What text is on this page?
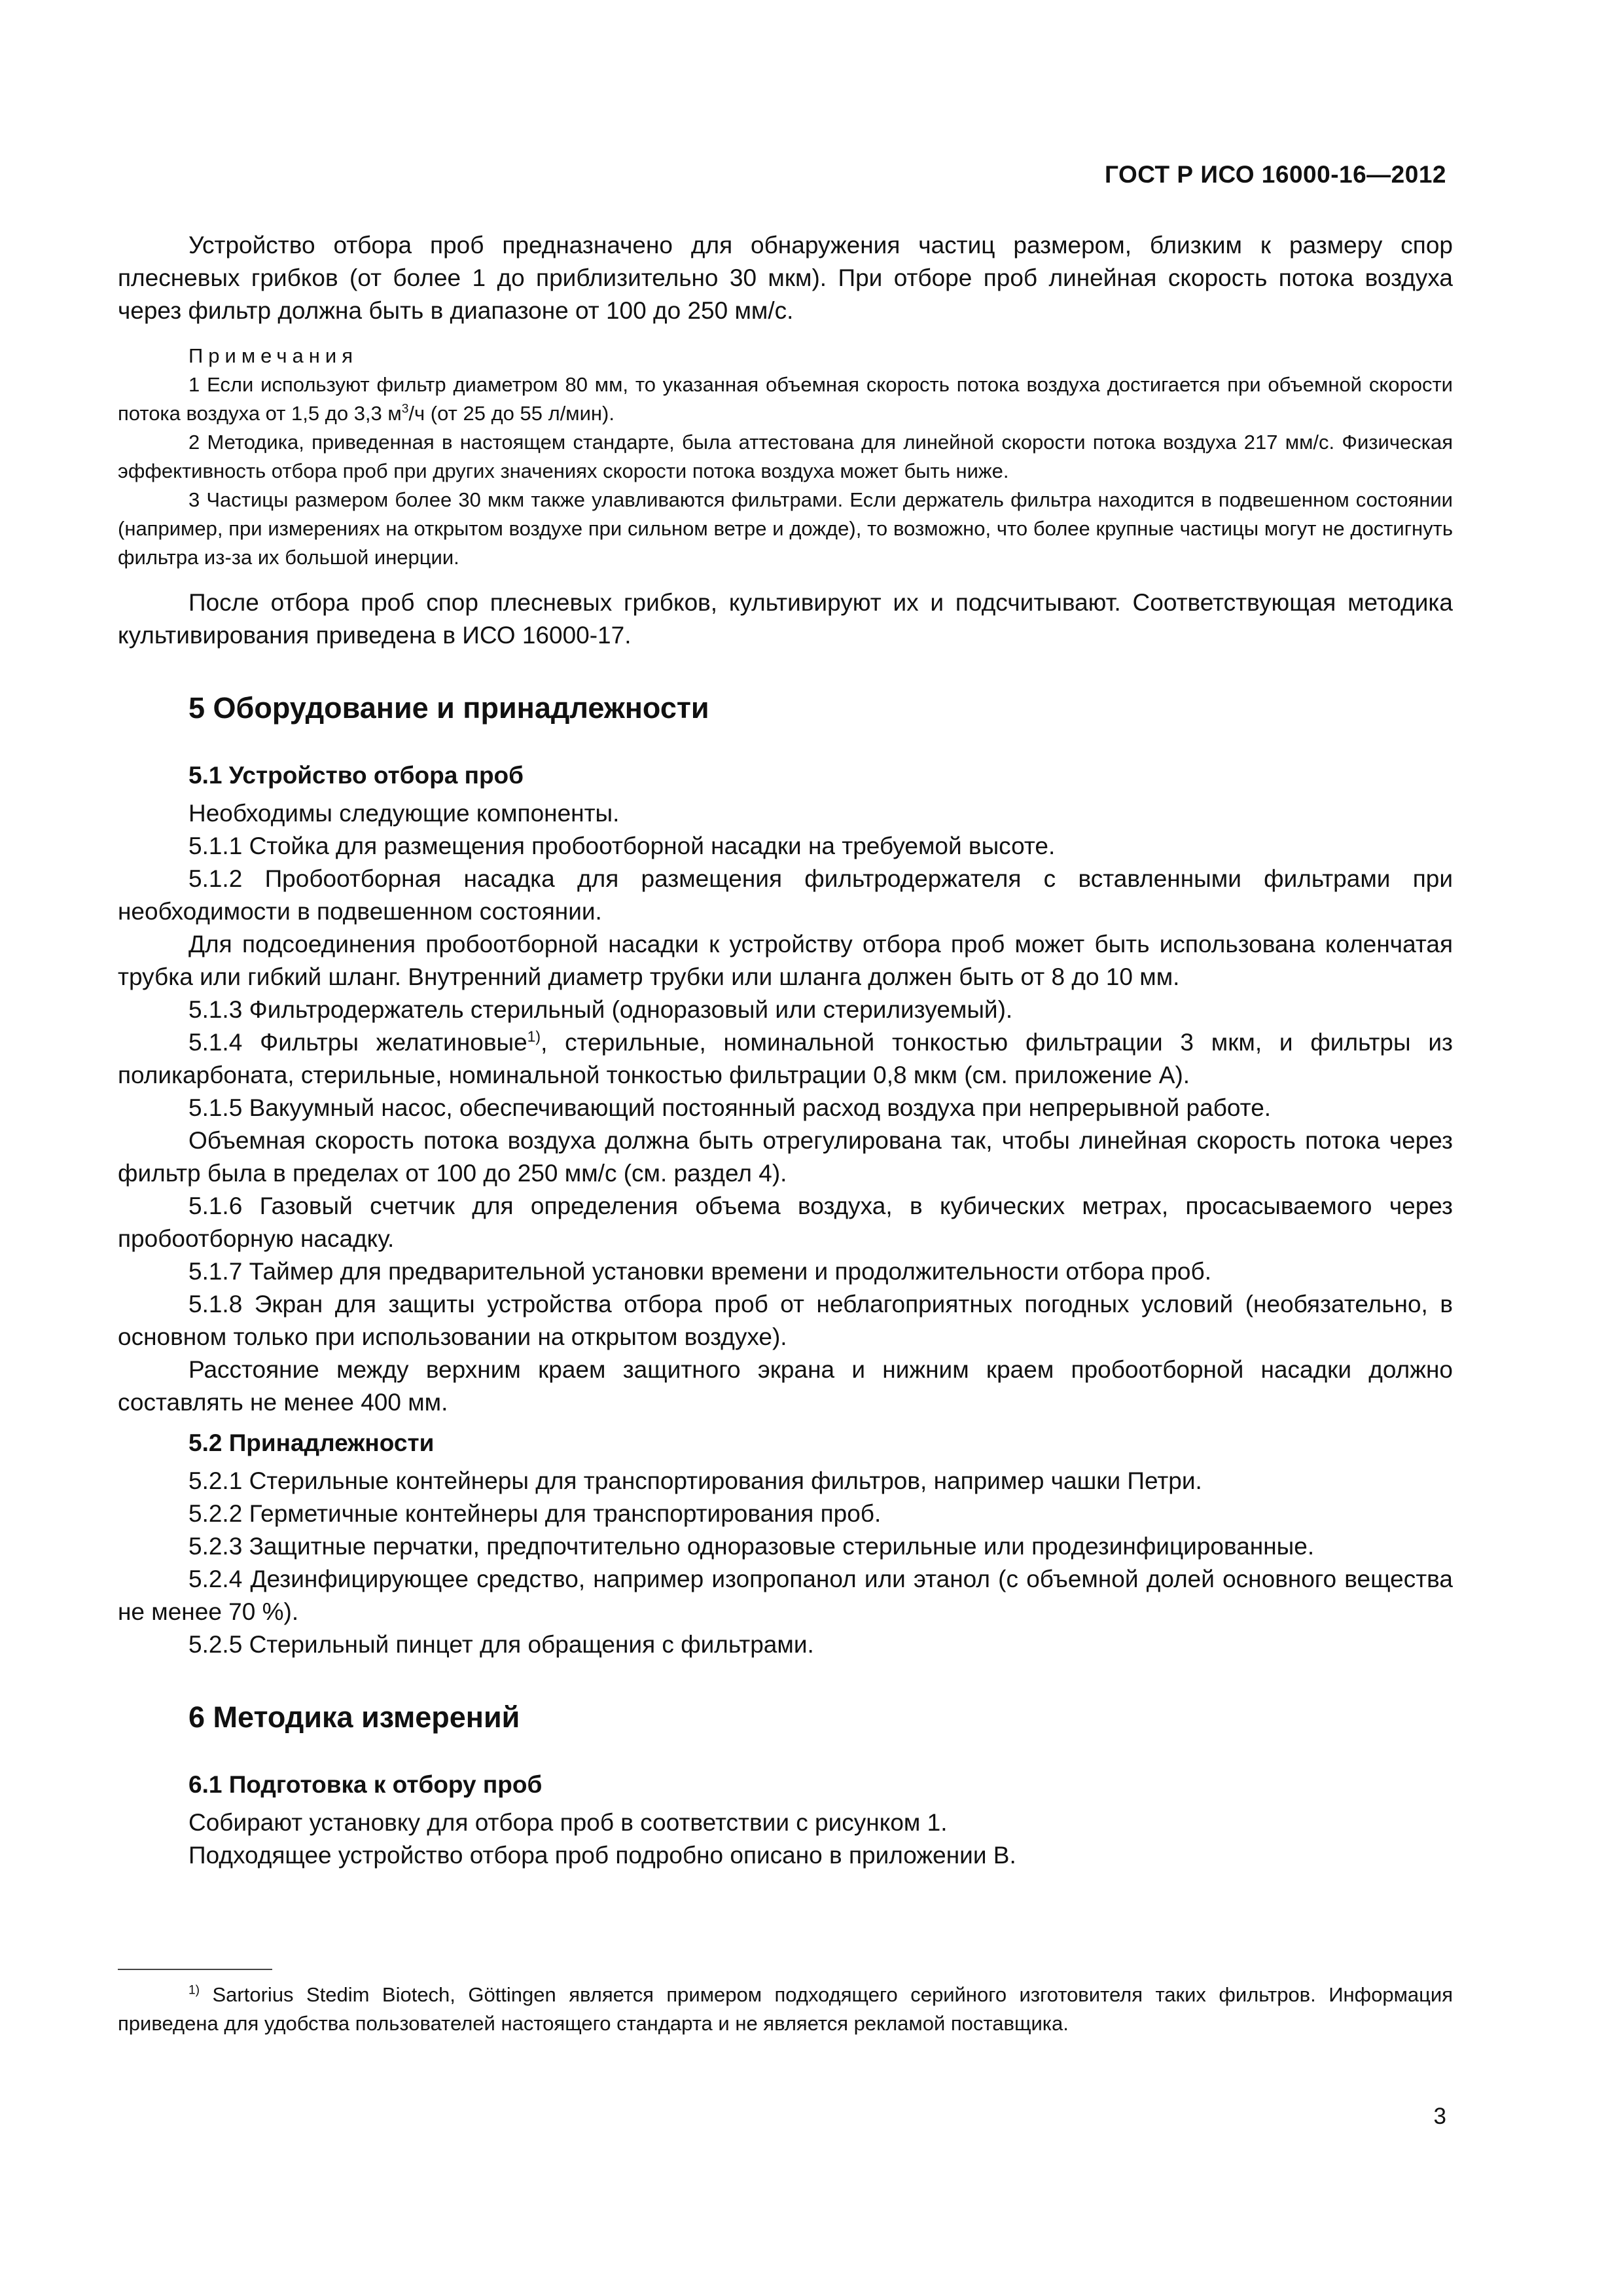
ГОСТ Р ИСО 16000-16—2012

Устройство отбора проб предназначено для обнаружения частиц размером, близким к размеру спор плесневых грибков (от более 1 до приблизительно 30 мкм). При отборе проб линейная скорость потока воздуха через фильтр должна быть в диапазоне от 100 до 250 мм/с.

Примечания

1 Если используют фильтр диаметром 80 мм, то указанная объемная скорость потока воздуха достигается при объемной скорости потока воздуха от 1,5 до 3,3 $м^3/ч$ (от 25 до 55 л/мин).

2 Методика, приведенная в настоящем стандарте, была аттестована для линейной скорости потока воздуха 217 мм/с. Физическая эффективность отбора проб при других значениях скорости потока воздуха может быть ниже.

3 Частицы размером более 30 мкм также улавливаются фильтрами. Если держатель фильтра находится в подвешенном состоянии (например, при измерениях на открытом воздухе при сильном ветре и дожде), то возможно, что более крупные частицы могут не достигнуть фильтра из-за их большой инерции.

После отбора проб спор плесневых грибков, культивируют их и подсчитывают. Соответствующая методика культивирования приведена в ИСО 16000-17.

5 Оборудование и принадлежности
5.1 Устройство отбора проб

Необходимы следующие компоненты.

5.1.1 Стойка для размещения пробоотборной насадки на требуемой высоте.

5.1.2 Пробоотборная насадка для размещения фильтродержателя с вставленными фильтрами при необходимости в подвешенном состоянии.

Для подсоединения пробоотборной насадки к устройству отбора проб может быть использована коленчатая трубка или гибкий шланг. Внутренний диаметр трубки или шланга должен быть от 8 до 10 мм.

5.1.3 Фильтродержатель стерильный (одноразовый или стерилизуемый).

5.1.4 Фильтры желатиновые$^{1)}$, стерильные, номинальной тонкостью фильтрации 3 мкм, и фильтры из поликарбоната, стерильные, номинальной тонкостью фильтрации 0,8 мкм (см. приложение А).

5.1.5 Вакуумный насос, обеспечивающий постоянный расход воздуха при непрерывной работе.

Объемная скорость потока воздуха должна быть отрегулирована так, чтобы линейная скорость потока через фильтр была в пределах от 100 до 250 мм/с (см. раздел 4).

5.1.6 Газовый счетчик для определения объема воздуха, в кубических метрах, просасываемого через пробоотборную насадку.

5.1.7 Таймер для предварительной установки времени и продолжительности отбора проб.

5.1.8 Экран для защиты устройства отбора проб от неблагоприятных погодных условий (необязательно, в основном только при использовании на открытом воздухе).

Расстояние между верхним краем защитного экрана и нижним краем пробоотборной насадки должно составлять не менее 400 мм.

5.2 Принадлежности

5.2.1 Стерильные контейнеры для транспортирования фильтров, например чашки Петри.

5.2.2 Герметичные контейнеры для транспортирования проб.

5.2.3 Защитные перчатки, предпочтительно одноразовые стерильные или продезинфицированные.

5.2.4 Дезинфицирующее средство, например изопропанол или этанол (с объемной долей основного вещества не менее 70 %).

5.2.5 Стерильный пинцет для обращения с фильтрами.

6 Методика измерений
6.1 Подготовка к отбору проб

Собирают установку для отбора проб в соответствии с рисунком 1.

Подходящее устройство отбора проб подробно описано в приложении В.

$^{1)}$ Sartorius Stedim Biotech, Göttingen является примером подходящего серийного изготовителя таких фильтров. Информация приведена для удобства пользователей настоящего стандарта и не является рекламой поставщика.

3
